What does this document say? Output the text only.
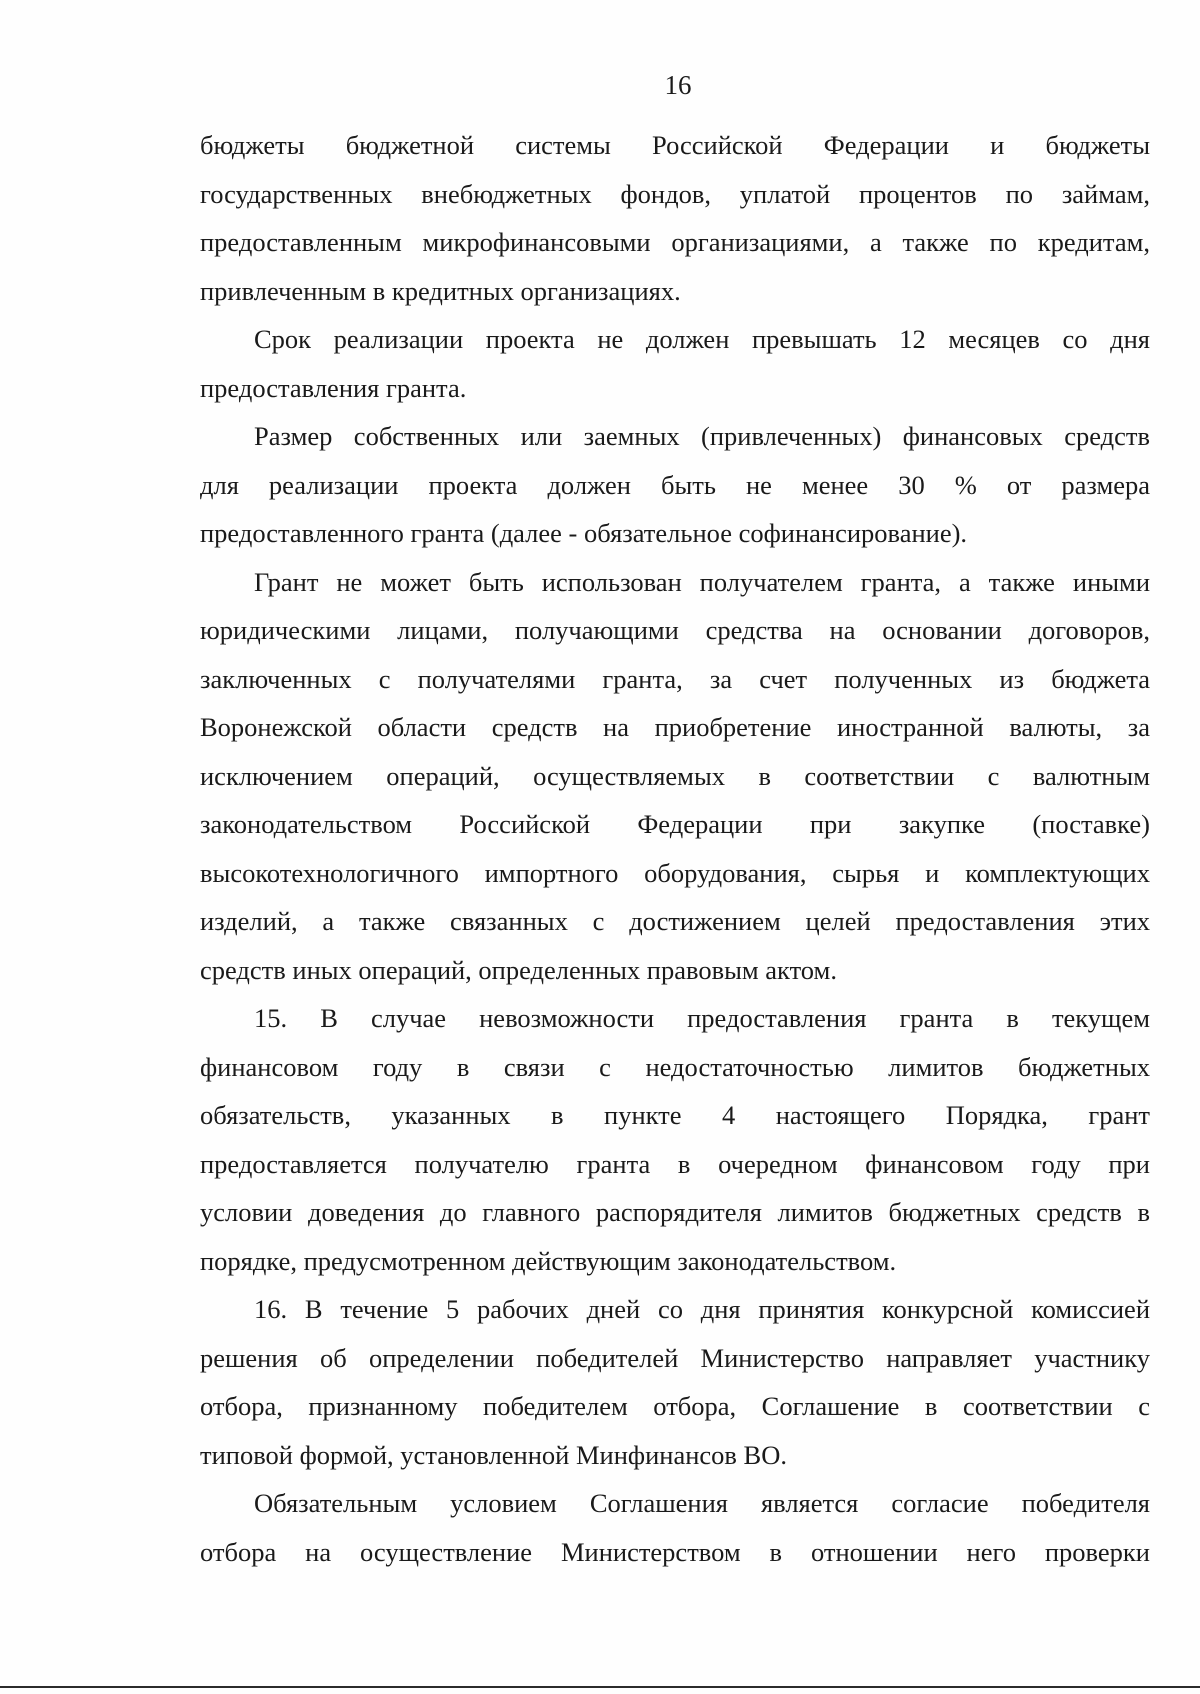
16
бюджеты бюджетной системы Российской Федерации и бюджеты
государственных внебюджетных фондов, уплатой процентов по займам,
предоставленным микрофинансовыми организациями, а также по кредитам,
привлеченным в кредитных организациях.
Срок реализации проекта не должен превышать 12 месяцев со дня
предоставления гранта.
Размер собственных или заемных (привлеченных) финансовых средств
для реализации проекта должен быть не менее 30 % от размера
предоставленного гранта (далее - обязательное софинансирование).
Грант не может быть использован получателем гранта, а также иными
юридическими лицами, получающими средства на основании договоров,
заключенных с получателями гранта, за счет полученных из бюджета
Воронежской области средств на приобретение иностранной валюты, за
исключением операций, осуществляемых в соответствии с валютным
законодательством Российской Федерации при закупке (поставке)
высокотехнологичного импортного оборудования, сырья и комплектующих
изделий, а также связанных с достижением целей предоставления этих
средств иных операций, определенных правовым актом.
15. В случае невозможности предоставления гранта в текущем
финансовом году в связи с недостаточностью лимитов бюджетных
обязательств, указанных в пункте 4 настоящего Порядка, грант
предоставляется получателю гранта в очередном финансовом году при
условии доведения до главного распорядителя лимитов бюджетных средств в
порядке, предусмотренном действующим законодательством.
16. В течение 5 рабочих дней со дня принятия конкурсной комиссией
решения об определении победителей Министерство направляет участнику
отбора, признанному победителем отбора, Соглашение в соответствии с
типовой формой, установленной Минфинансов ВО.
Обязательным условием Соглашения является согласие победителя
отбора на осуществление Министерством в отношении него проверки
